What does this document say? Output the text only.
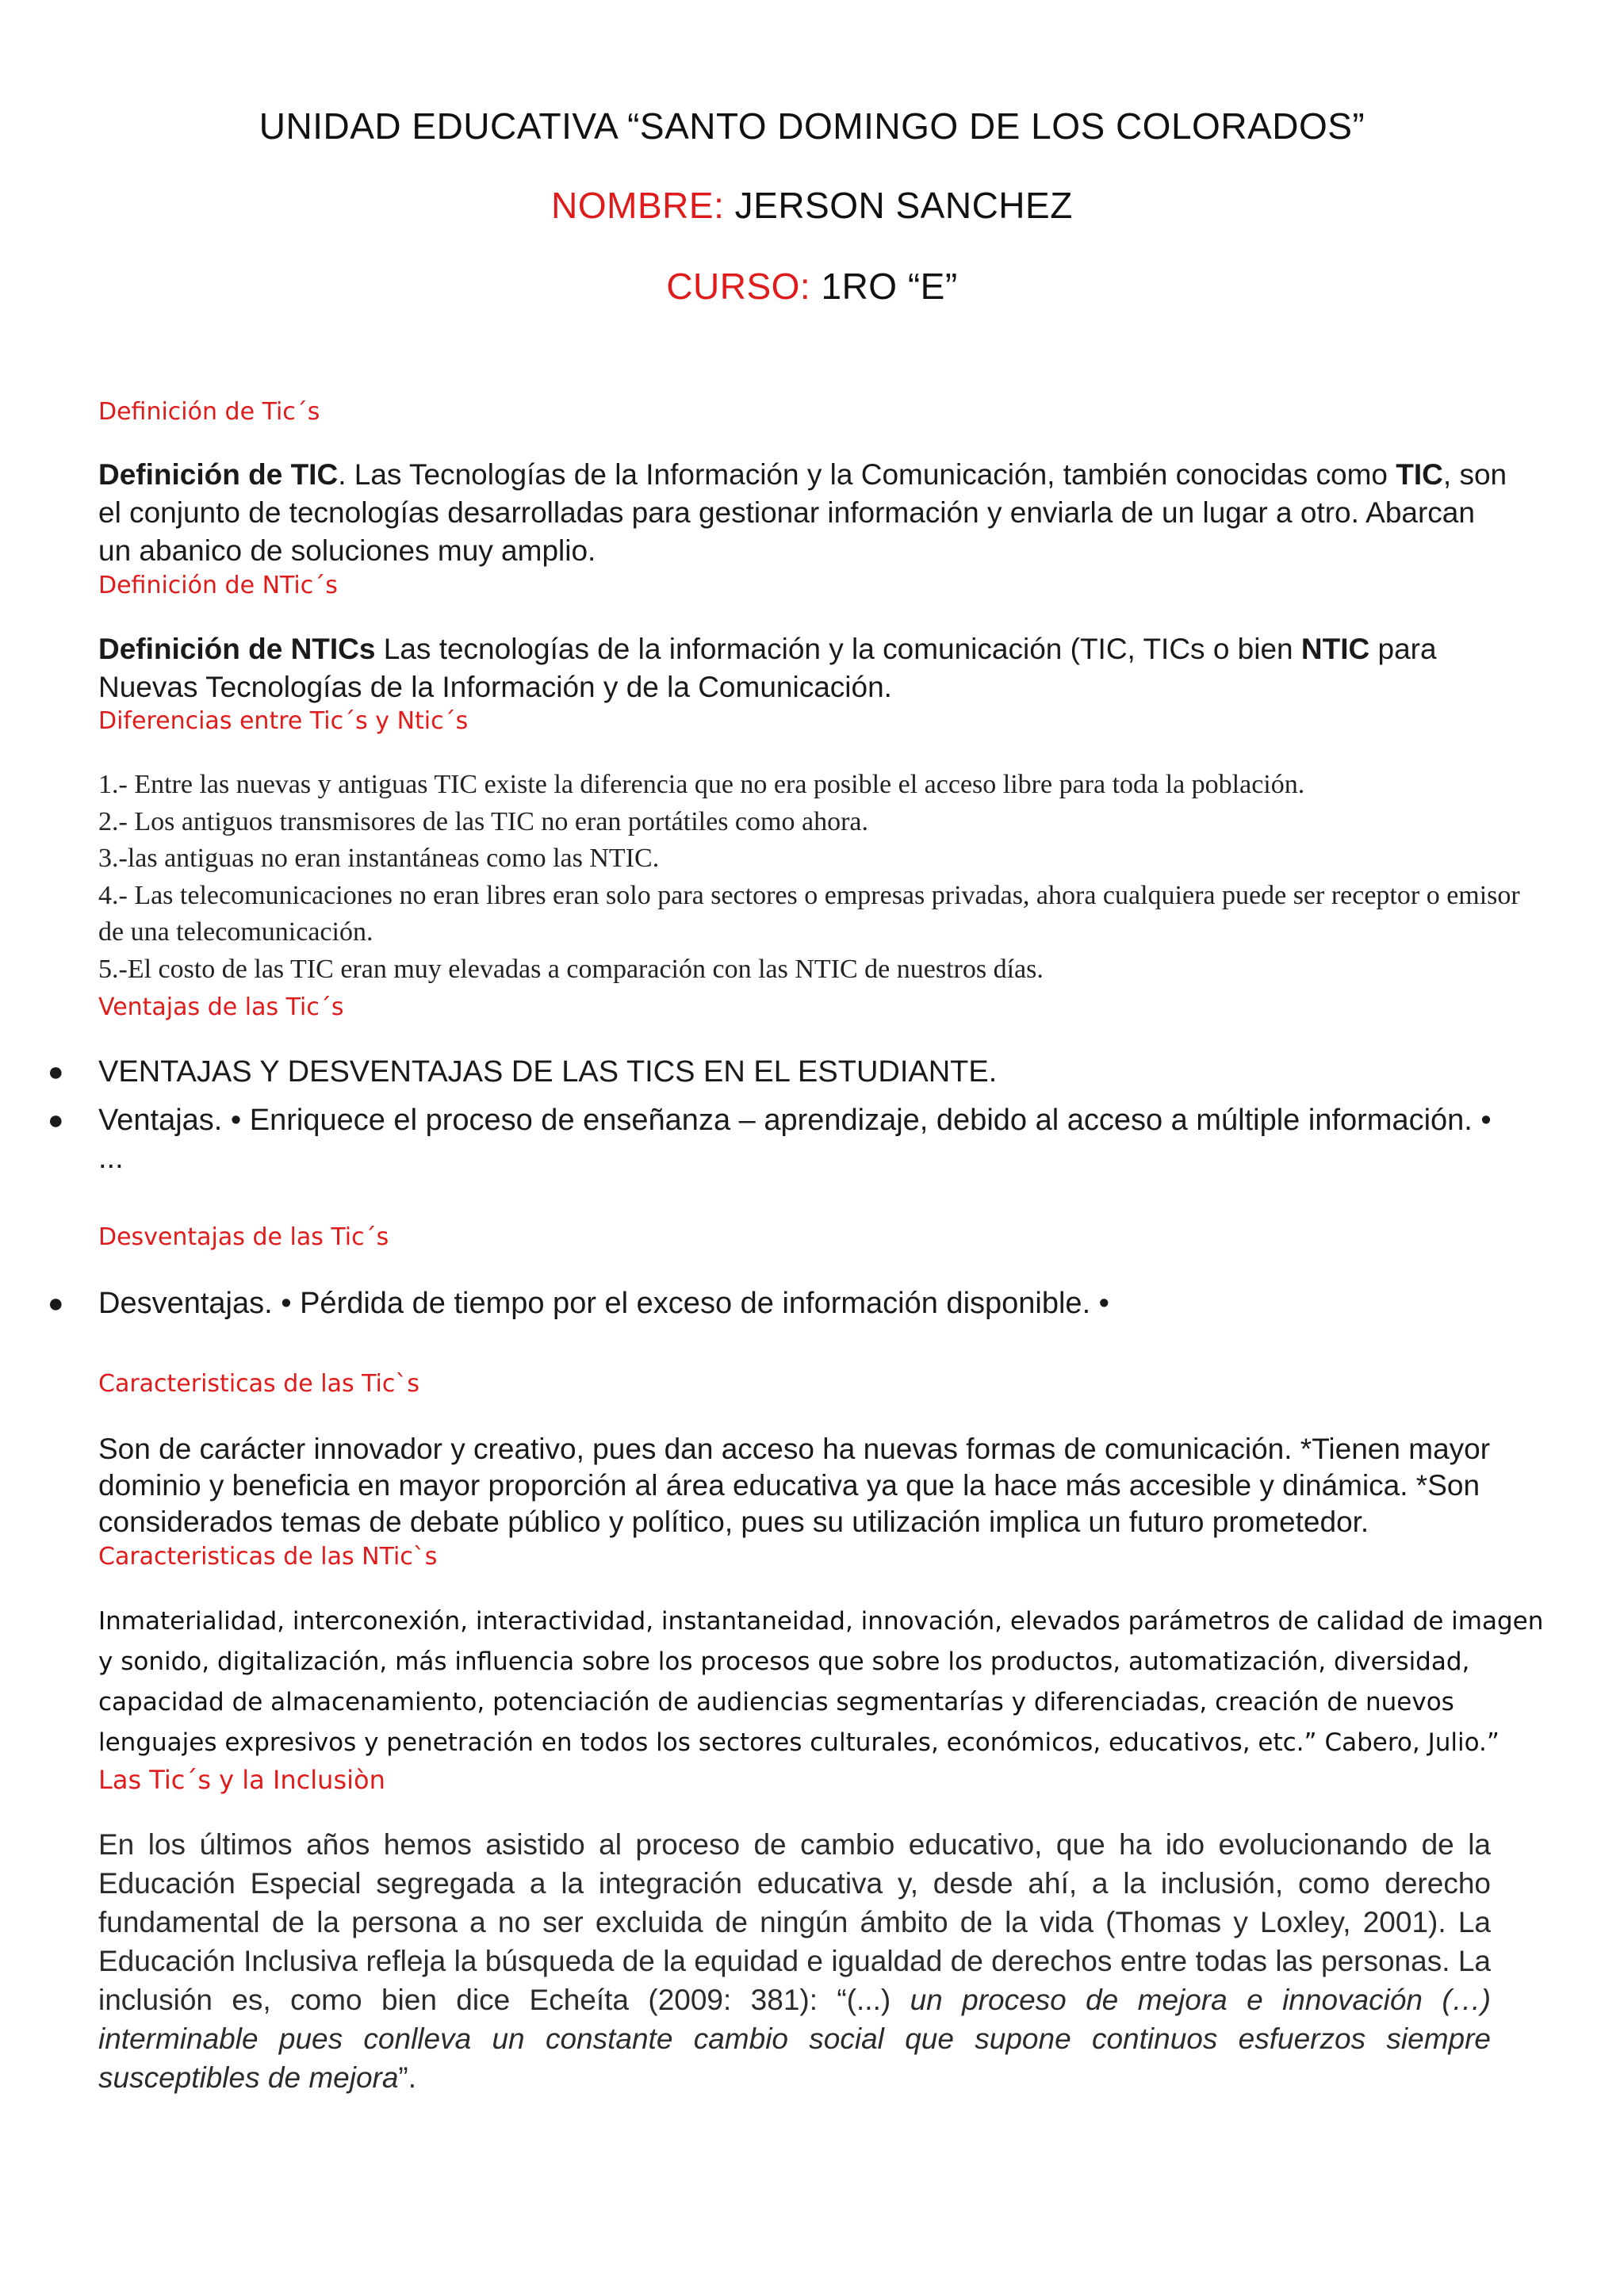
UNIDAD EDUCATIVA “SANTO DOMINGO DE LOS COLORADOS”
NOMBRE: JERSON SANCHEZ
CURSO: 1RO “E”
Definición de Tic´s
Definición de TIC. Las Tecnologías de la Información y la Comunicación, también conocidas como TIC, son el conjunto de tecnologías desarrolladas para gestionar información y enviarla de un lugar a otro. Abarcan un abanico de soluciones muy amplio.
Definición de NTic´s
Definición de NTICs Las tecnologías de la información y la comunicación (TIC, TICs o bien NTIC para Nuevas Tecnologías de la Información y de la Comunicación.
Diferencias entre Tic´s y Ntic´s
1.- Entre las nuevas y antiguas TIC existe la diferencia que no era posible el acceso libre para toda la población.
2.- Los antiguos transmisores de las TIC no eran portátiles como ahora.
3.-las antiguas no eran instantáneas como las NTIC.
4.- Las telecomunicaciones no eran libres eran solo para sectores o empresas privadas, ahora cualquiera puede ser receptor o emisor de una telecomunicación.
5.-El costo de las TIC eran muy elevadas a comparación con las NTIC de nuestros días.
Ventajas de las Tic´s
●	VENTAJAS Y DESVENTAJAS DE LAS TICS EN EL ESTUDIANTE.
●	Ventajas. • Enriquece el proceso de enseñanza – aprendizaje, debido al acceso a múltiple información. • ...
Desventajas de las Tic´s
●	Desventajas. • Pérdida de tiempo por el exceso de información disponible. •
Caracteristicas de las Tic`s
Son de carácter innovador y creativo, pues dan acceso ha nuevas formas de comunicación. *Tienen mayor dominio y beneficia en mayor proporción al área educativa ya que la hace más accesible y dinámica. *Son considerados temas de debate público y político, pues su utilización implica un futuro prometedor.
Caracteristicas de las NTic`s
Inmaterialidad, interconexión, interactividad, instantaneidad, innovación, elevados parámetros de calidad de imagen y sonido, digitalización, más influencia sobre los procesos que sobre los productos, automatización, diversidad, capacidad de almacenamiento, potenciación de audiencias segmentarías y diferenciadas, creación de nuevos lenguajes expresivos y penetración en todos los sectores culturales, económicos, educativos, etc.” Cabero, Julio.”
Las Tic´s y la Inclusiòn
En los últimos años hemos asistido al proceso de cambio educativo, que ha ido evolucionando de la Educación Especial segregada a la integración educativa y, desde ahí, a la inclusión, como derecho fundamental de la persona a no ser excluida de ningún ámbito de la vida (Thomas y Loxley, 2001). La Educación Inclusiva refleja la búsqueda de la equidad e igualdad de derechos entre todas las personas. La inclusión es, como bien dice Echeíta (2009: 381): “(...) un proceso de mejora e innovación (…) interminable pues conlleva un constante cambio social que supone continuos esfuerzos siempre susceptibles de mejora”.
